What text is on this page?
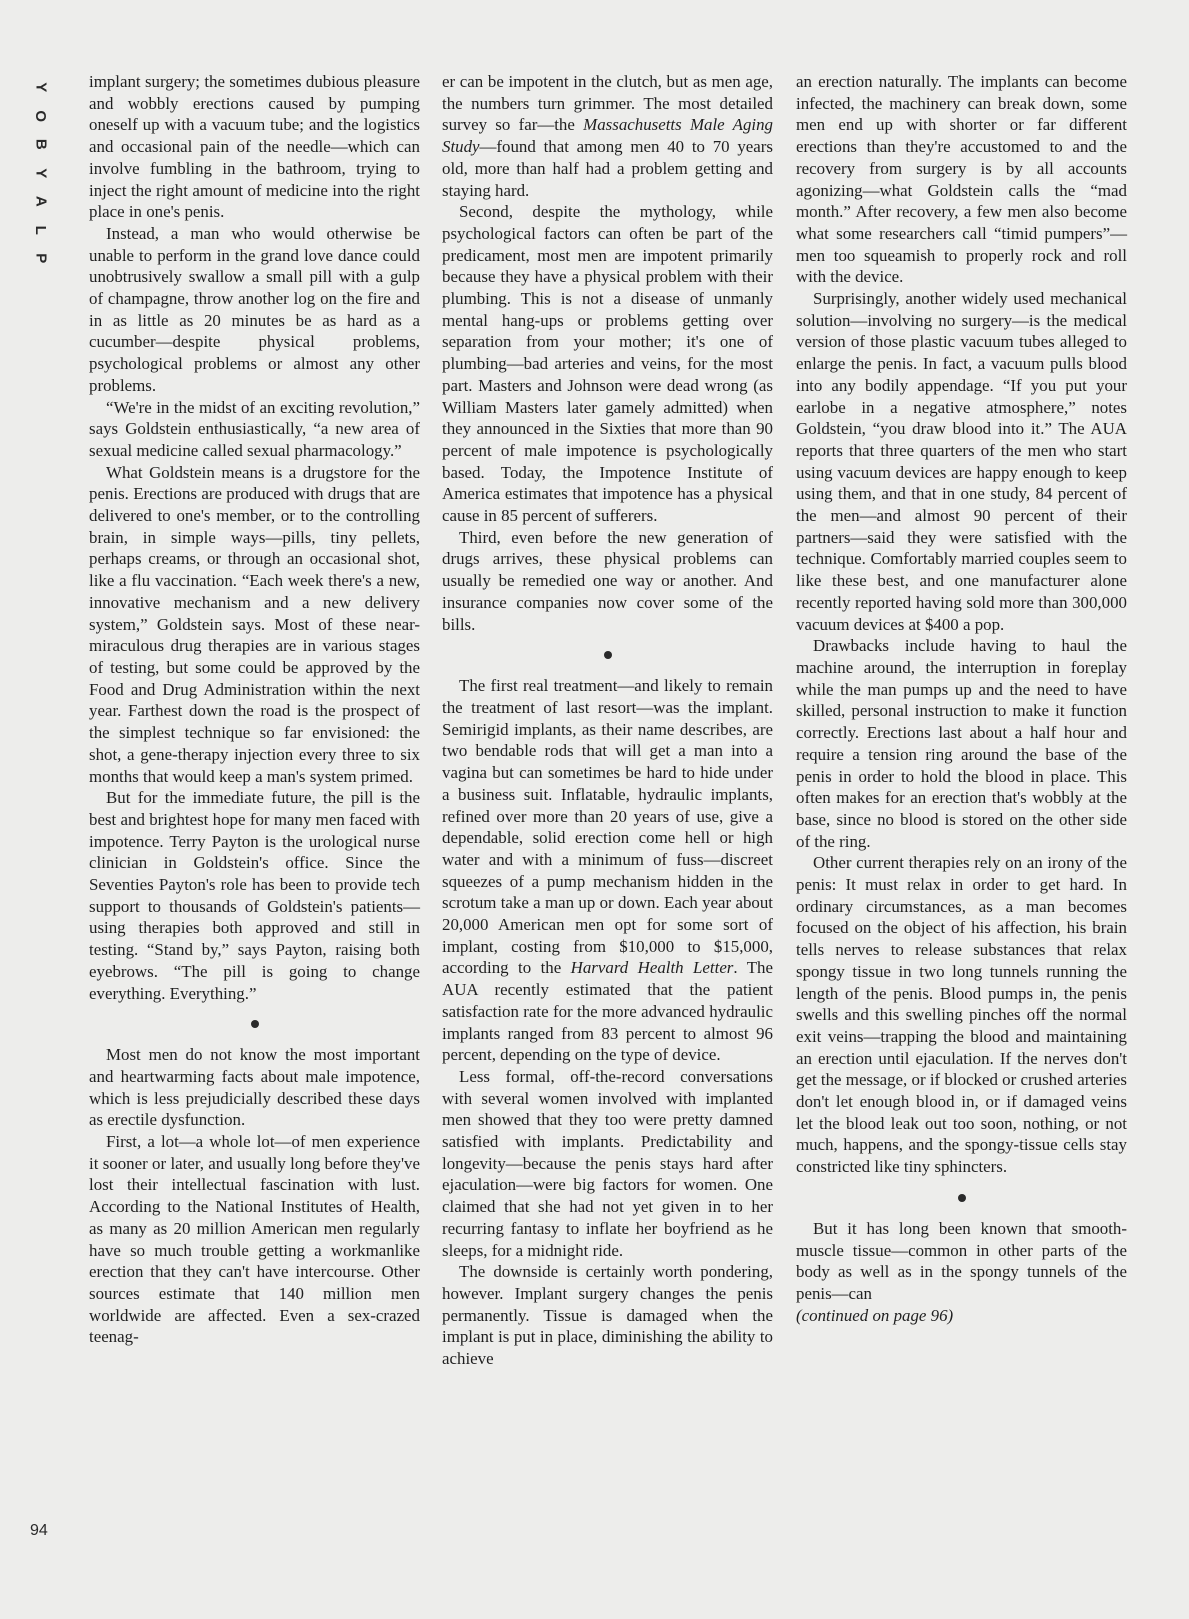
Y
O
B
Y
A
L
P

implant surgery; the sometimes dubious pleasure and wobbly erections caused by pumping oneself up with a vacuum tube; and the logistics and occasional pain of the needle—which can involve fumbling in the bathroom, trying to inject the right amount of medicine into the right place in one's penis.

Instead, a man who would otherwise be unable to perform in the grand love dance could unobtrusively swallow a small pill with a gulp of champagne, throw another log on the fire and in as little as 20 minutes be as hard as a cucumber—despite physical problems, psychological problems or almost any other problems.

“We're in the midst of an exciting revolution,” says Goldstein enthusiastically, “a new area of sexual medicine called sexual pharmacology.”

What Goldstein means is a drugstore for the penis. Erections are produced with drugs that are delivered to one's member, or to the controlling brain, in simple ways—pills, tiny pellets, perhaps creams, or through an occasional shot, like a flu vaccination. “Each week there's a new, innovative mechanism and a new delivery system,” Goldstein says. Most of these near-miraculous drug therapies are in various stages of testing, but some could be approved by the Food and Drug Administration within the next year. Farthest down the road is the prospect of the simplest technique so far envisioned: the shot, a gene-therapy injection every three to six months that would keep a man's system primed.

But for the immediate future, the pill is the best and brightest hope for many men faced with impotence. Terry Payton is the urological nurse clinician in Goldstein's office. Since the Seventies Payton's role has been to provide tech support to thousands of Goldstein's patients—using therapies both approved and still in testing. “Stand by,” says Payton, raising both eyebrows. “The pill is going to change everything. Everything.”

Most men do not know the most important and heartwarming facts about male impotence, which is less prejudicially described these days as erectile dysfunction.

First, a lot—a whole lot—of men experience it sooner or later, and usually long before they've lost their intellectual fascination with lust. According to the National Institutes of Health, as many as 20 million American men regularly have so much trouble getting a workmanlike erection that they can't have intercourse. Other sources estimate that 140 million men worldwide are affected. Even a sex-crazed teenag-

er can be impotent in the clutch, but as men age, the numbers turn grimmer. The most detailed survey so far—the Massachusetts Male Aging Study—found that among men 40 to 70 years old, more than half had a problem getting and staying hard.

Second, despite the mythology, while psychological factors can often be part of the predicament, most men are impotent primarily because they have a physical problem with their plumbing. This is not a disease of unmanly mental hang-ups or problems getting over separation from your mother; it's one of plumbing—bad arteries and veins, for the most part. Masters and Johnson were dead wrong (as William Masters later gamely admitted) when they announced in the Sixties that more than 90 percent of male impotence is psychologically based. Today, the Impotence Institute of America estimates that impotence has a physical cause in 85 percent of sufferers.

Third, even before the new generation of drugs arrives, these physical problems can usually be remedied one way or another. And insurance companies now cover some of the bills.

The first real treatment—and likely to remain the treatment of last resort—was the implant. Semirigid implants, as their name describes, are two bendable rods that will get a man into a vagina but can sometimes be hard to hide under a business suit. Inflatable, hydraulic implants, refined over more than 20 years of use, give a dependable, solid erection come hell or high water and with a minimum of fuss—discreet squeezes of a pump mechanism hidden in the scrotum take a man up or down. Each year about 20,000 American men opt for some sort of implant, costing from $10,000 to $15,000, according to the Harvard Health Letter. The AUA recently estimated that the patient satisfaction rate for the more advanced hydraulic implants ranged from 83 percent to almost 96 percent, depending on the type of device.

Less formal, off-the-record conversations with several women involved with implanted men showed that they too were pretty damned satisfied with implants. Predictability and longevity—because the penis stays hard after ejaculation—were big factors for women. One claimed that she had not yet given in to her recurring fantasy to inflate her boyfriend as he sleeps, for a midnight ride.

The downside is certainly worth pondering, however. Implant surgery changes the penis permanently. Tissue is damaged when the implant is put in place, diminishing the ability to achieve

an erection naturally. The implants can become infected, the machinery can break down, some men end up with shorter or far different erections than they're accustomed to and the recovery from surgery is by all accounts agonizing—what Goldstein calls the “mad month.” After recovery, a few men also become what some researchers call “timid pumpers”—men too squeamish to properly rock and roll with the device.

Surprisingly, another widely used mechanical solution—involving no surgery—is the medical version of those plastic vacuum tubes alleged to enlarge the penis. In fact, a vacuum pulls blood into any bodily appendage. “If you put your earlobe in a negative atmosphere,” notes Goldstein, “you draw blood into it.” The AUA reports that three quarters of the men who start using vacuum devices are happy enough to keep using them, and that in one study, 84 percent of the men—and almost 90 percent of their partners—said they were satisfied with the technique. Comfortably married couples seem to like these best, and one manufacturer alone recently reported having sold more than 300,000 vacuum devices at $400 a pop.

Drawbacks include having to haul the machine around, the interruption in foreplay while the man pumps up and the need to have skilled, personal instruction to make it function correctly. Erections last about a half hour and require a tension ring around the base of the penis in order to hold the blood in place. This often makes for an erection that's wobbly at the base, since no blood is stored on the other side of the ring.

Other current therapies rely on an irony of the penis: It must relax in order to get hard. In ordinary circumstances, as a man becomes focused on the object of his affection, his brain tells nerves to release substances that relax spongy tissue in two long tunnels running the length of the penis. Blood pumps in, the penis swells and this swelling pinches off the normal exit veins—trapping the blood and maintaining an erection until ejaculation. If the nerves don't get the message, or if blocked or crushed arteries don't let enough blood in, or if damaged veins let the blood leak out too soon, nothing, or not much, happens, and the spongy-tissue cells stay constricted like tiny sphincters.

But it has long been known that smooth-muscle tissue—common in other parts of the body as well as in the spongy tunnels of the penis—can

(continued on page 96)

94
